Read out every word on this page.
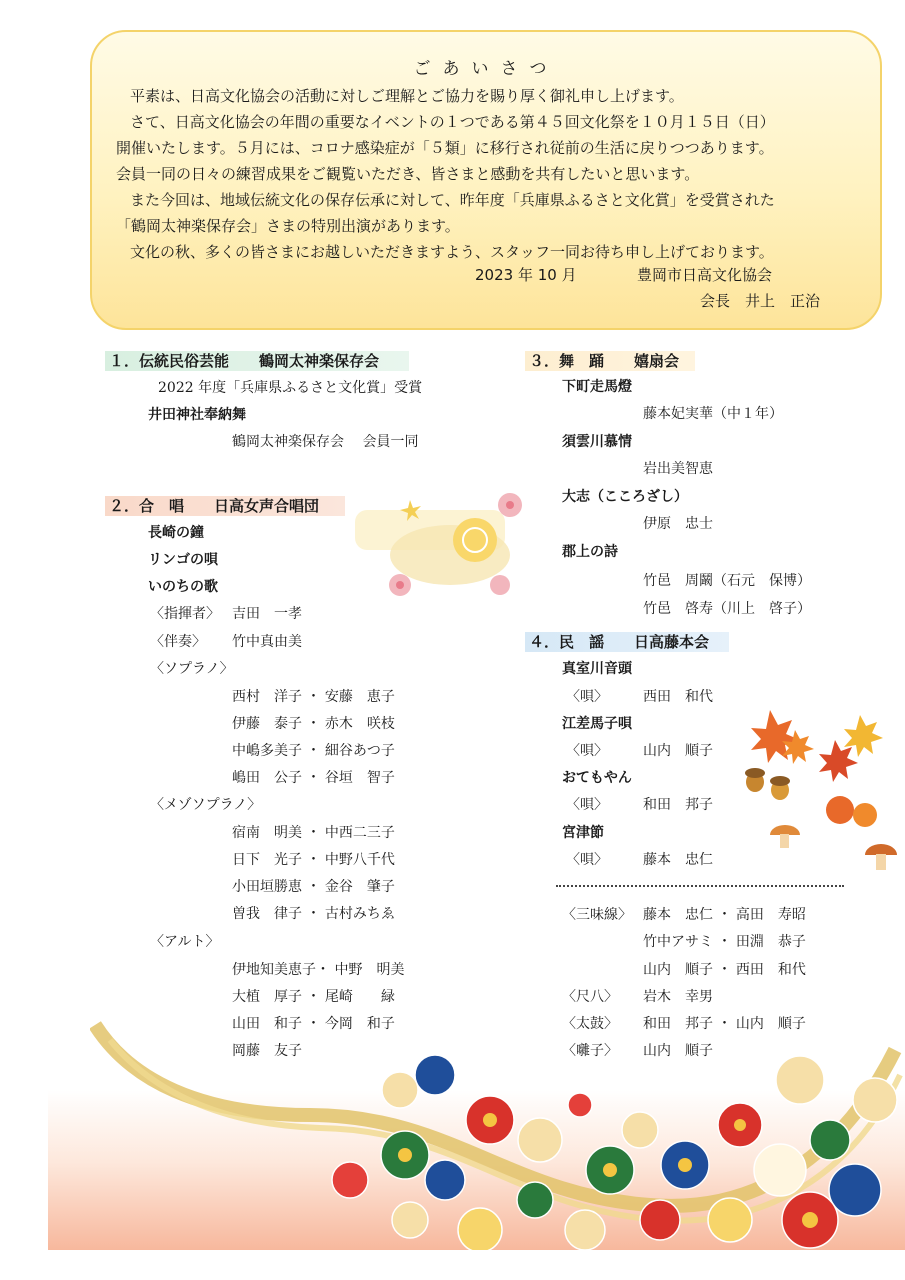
ごあいさつ
平素は、日高文化協会の活動に対しご理解とご協力を賜り厚く御礼申し上げます。
さて、日高文化協会の年間の重要なイベントの１つである第４５回文化祭を１０月１５日（日）
開催いたします。５月には、コロナ感染症が「５類」に移行され従前の生活に戻りつつあります。
会員一同の日々の練習成果をご観覧いただき、皆さまと感動を共有したいと思います。
また今回は、地域伝統文化の保存伝承に対して、昨年度「兵庫県ふるさと文化賞」を受賞された
「鶴岡太神楽保存会」さまの特別出演があります。
文化の秋、多くの皆さまにお越しいただきますよう、スタッフ一同お待ち申し上げております。
2023 年 10 月	豊岡市日高文化協会
会長　井上　正治
１．伝統民俗芸能　　鶴岡太神楽保存会
2022 年度「兵庫県ふるさと文化賞」受賞
井田神社奉納舞
鶴岡太神楽保存会　 会員一同
２．合　唱　　日高女声合唱団
長崎の鐘
リンゴの唄
いのちの歌
〈指揮者〉 吉田　一孝
〈伴奏〉 竹中真由美
〈ソプラノ〉
西村　洋子 ・ 安藤　恵子
伊藤　泰子 ・ 赤木　咲枝
中嶋多美子 ・ 細谷あつ子
嶋田　公子 ・ 谷垣　智子
〈メゾソプラノ〉
宿南　明美 ・ 中西二三子
日下　光子 ・ 中野八千代
小田垣勝恵 ・ 金谷　肇子
曽我　律子 ・ 古村みちゑ
〈アルト〉
伊地知美恵子・ 中野　明美
大植　厚子 ・ 尾崎　　緑
山田　和子 ・ 今岡　和子
岡藤　友子
３．舞　踊　　嬉扇会
下町走馬燈
藤本妃実華（中１年）
須雲川慕情
岩出美智恵
大志（こころざし）
伊原　忠士
郡上の詩
竹邑　周鬫（石元　保博）
竹邑　啓寿（川上　啓子）
４．民　謡　　日高藤本会
真室川音頭
〈唄〉	西田　和代
江差馬子唄
〈唄〉	山内　順子
おてもやん
〈唄〉	和田　邦子
宮津節
〈唄〉	藤本　忠仁
〈三味線〉 藤本　忠仁 ・ 高田　寿昭
竹中アサミ ・ 田淵　恭子
山内　順子 ・ 西田　和代
〈尺八〉 岩木　幸男
〈太鼓〉 和田　邦子 ・ 山内　順子
〈囃子〉 山内　順子
